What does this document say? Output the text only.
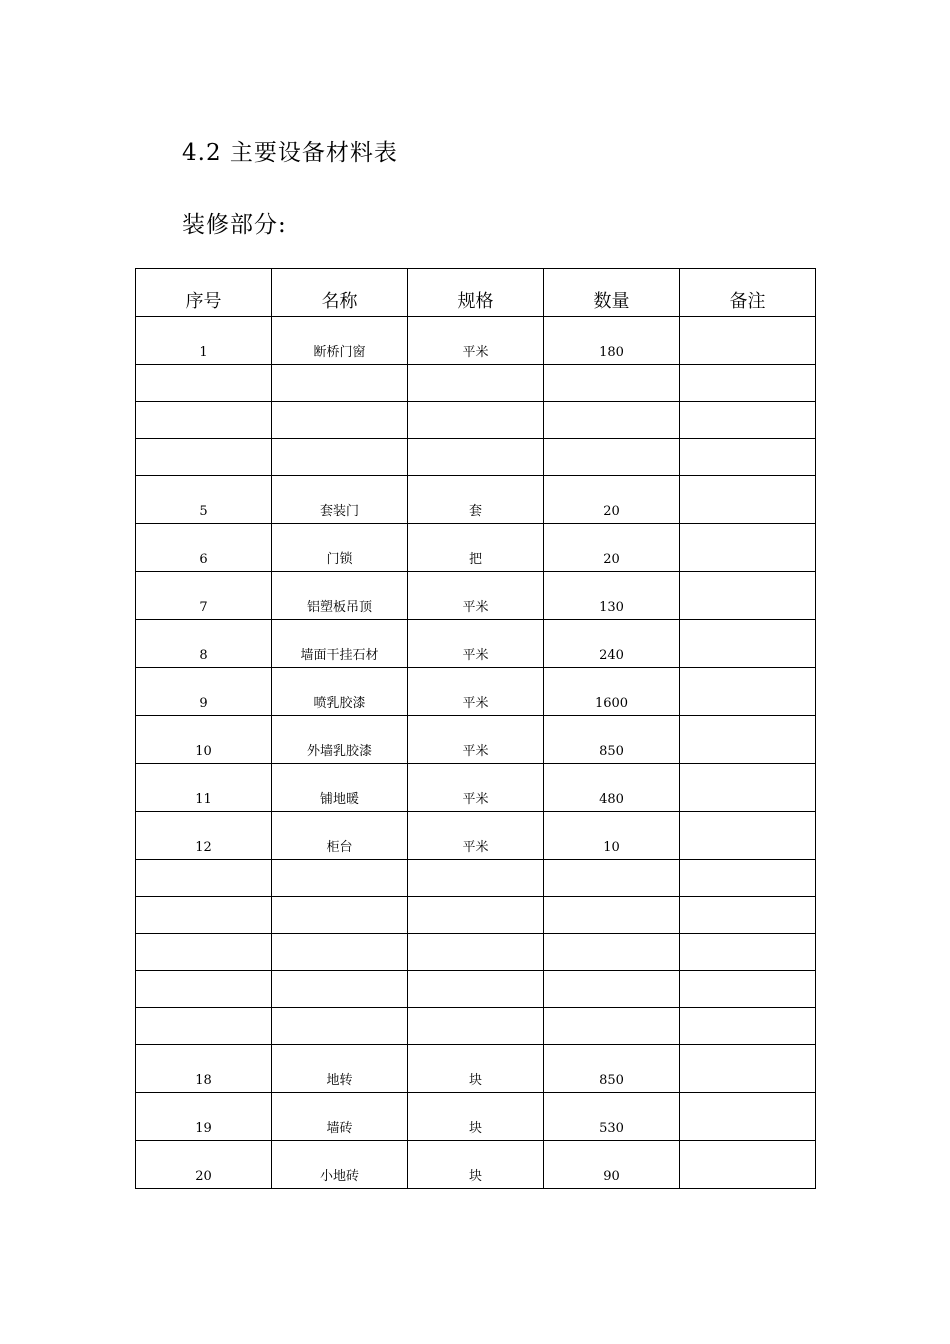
4.2 主要设备材料表
装修部分:
序号	名称	规格	数量	备注
1	断桥门窗	平米	180	

5	套装门	套	20	
6	门锁	把	20	
7	铝塑板吊顶	平米	130	
8	墙面干挂石材	平米	240	
9	喷乳胶漆	平米	1600	
10	外墙乳胶漆	平米	850	
11	铺地暖	平米	480	
12	柜台	平米	10	

18	地转	块	850	
19	墙砖	块	530	
20	小地砖	块	90	
